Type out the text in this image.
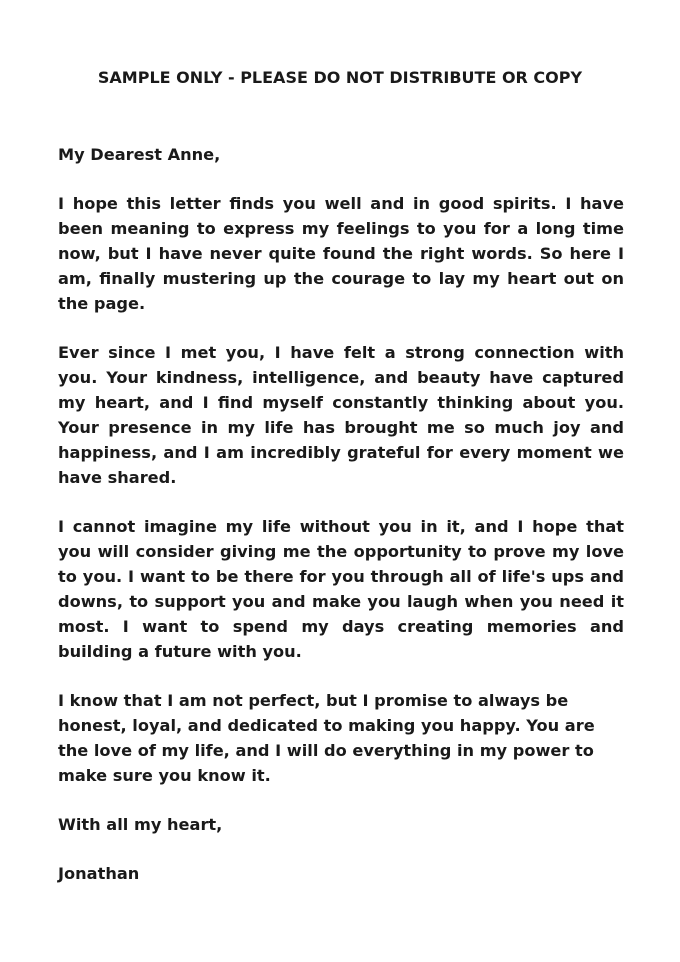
SAMPLE ONLY - PLEASE DO NOT DISTRIBUTE OR COPY

My Dearest Anne,

I hope this letter finds you well and in good spirits. I have been meaning to express my feelings to you for a long time now, but I have never quite found the right words. So here I am, finally mustering up the courage to lay my heart out on the page.

Ever since I met you, I have felt a strong connection with you. Your kindness, intelligence, and beauty have captured my heart, and I find myself constantly thinking about you. Your presence in my life has brought me so much joy and happiness, and I am incredibly grateful for every moment we have shared.

I cannot imagine my life without you in it, and I hope that you will consider giving me the opportunity to prove my love to you. I want to be there for you through all of life's ups and downs, to support you and make you laugh when you need it most. I want to spend my days creating memories and building a future with you.

I know that I am not perfect, but I promise to always be honest, loyal, and dedicated to making you happy. You are the love of my life, and I will do everything in my power to make sure you know it.

With all my heart,

Jonathan
